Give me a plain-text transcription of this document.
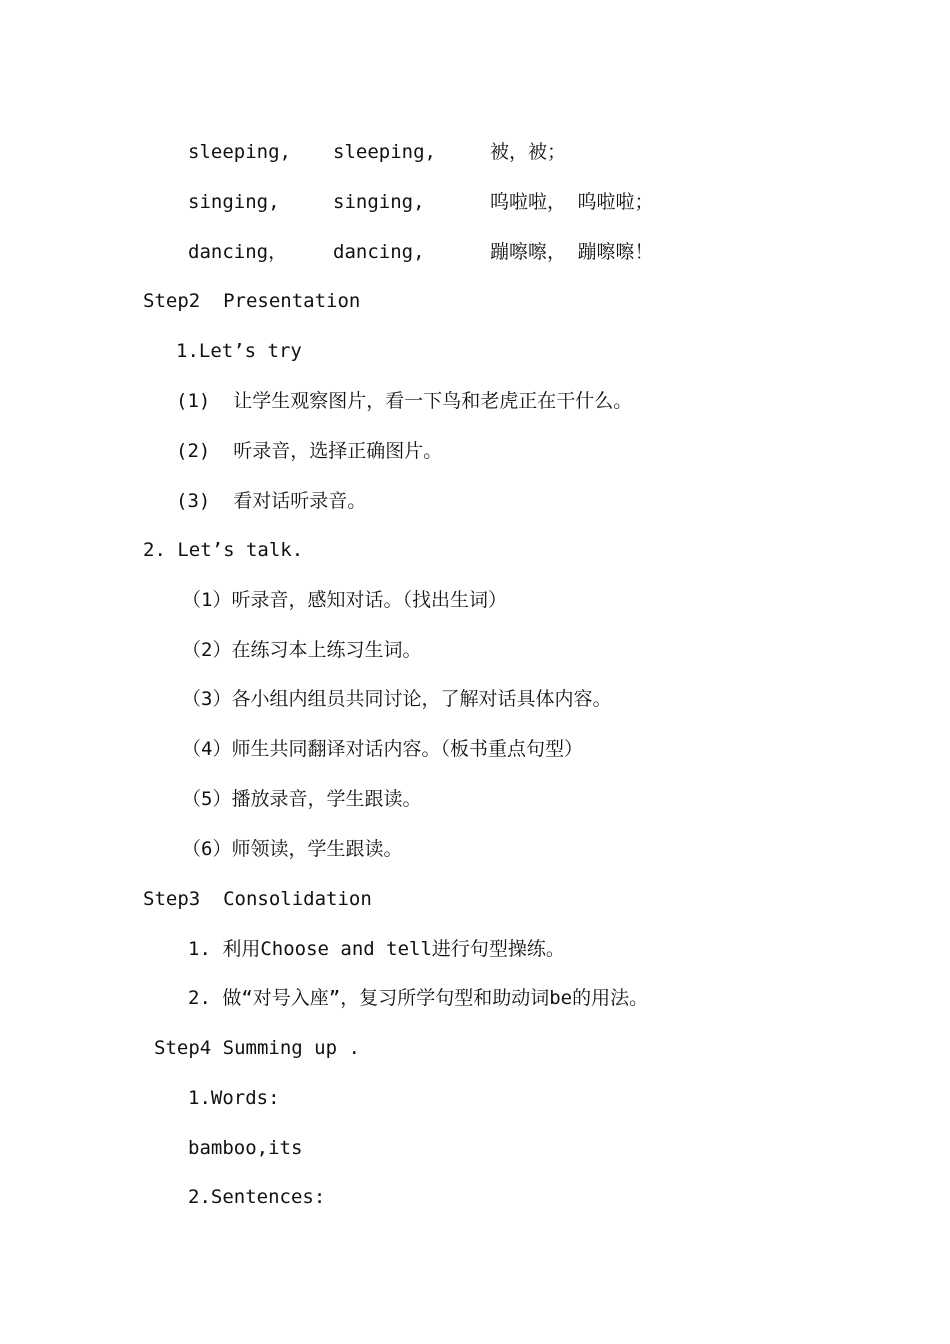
sleeping, sleeping,	被，被；
singing,	singing,	呜啦啦， 呜啦啦；
dancing， dancing,	蹦嚓嚓， 蹦嚓嚓！
Step2  Presentation
1.Let’s try
(1)  让学生观察图片，看一下鸟和老虎正在干什么。
(2)  听录音，选择正确图片。
(3)  看对话听录音。
2. Let’s talk.
（1）听录音，感知对话。（找出生词）
（2）在练习本上练习生词。
（3）各小组内组员共同讨论，了解对话具体内容。
（4）师生共同翻译对话内容。（板书重点句型）
（5）播放录音，学生跟读。
（6）师领读，学生跟读。
Step3  Consolidation
1. 利用Choose and tell进行句型操练。
2. 做“对号入座”，复习所学句型和助动词be的用法。
Step4 Summing up .
1.Words:
bamboo,its
2.Sentences:
